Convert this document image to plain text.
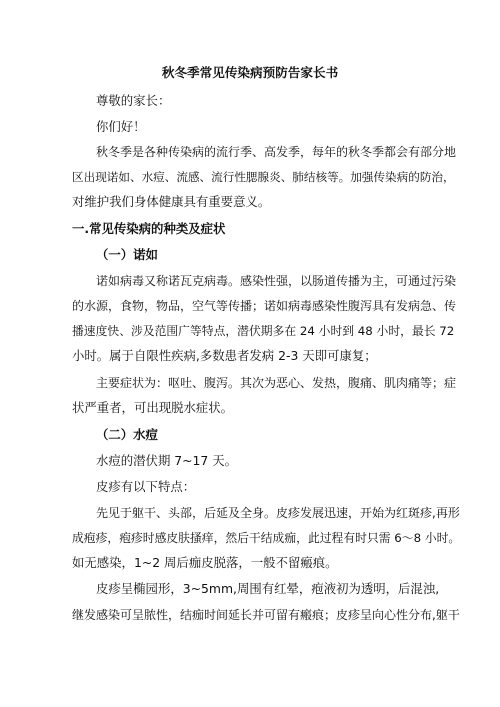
秋冬季常见传染病预防告家长书
尊敬的家长：
你们好！
秋冬季是各种传染病的流行季、高发季，每年的秋冬季都会有部分地
区出现诺如、水痘、流感、流行性腮腺炎、肺结核等。加强传染病的防治，
对维护我们身体健康具有重要意义。
一.常见传染病的种类及症状
（一）诺如
诺如病毒又称诺瓦克病毒。感染性强，以肠道传播为主，可通过污染
的水源，食物，物品，空气等传播；诺如病毒感染性腹泻具有发病急、传
播速度快、涉及范围广等特点，潜伏期多在 24 小时到 48 小时，最长 72
小时。属于自限性疾病,多数患者发病 2-3 天即可康复；
主要症状为：呕吐、腹泻。其次为恶心、发热，腹痛、肌肉痛等；症
状严重者，可出现脱水症状。
（二）水痘
水痘的潜伏期 7~17 天。
皮疹有以下特点：
先见于躯干、头部，后延及全身。皮疹发展迅速，开始为红斑疹,再形
成疱疹，疱疹时感皮肤搔痒，然后干结成痂，此过程有时只需 6～8 小时。
如无感染，1~2 周后痂皮脱落，一般不留瘢痕。
皮疹呈椭园形，3~5mm,周围有红晕，疱液初为透明，后混浊,
继发感染可呈脓性，结痂时间延长并可留有瘢痕；皮疹呈向心性分布,躯干
